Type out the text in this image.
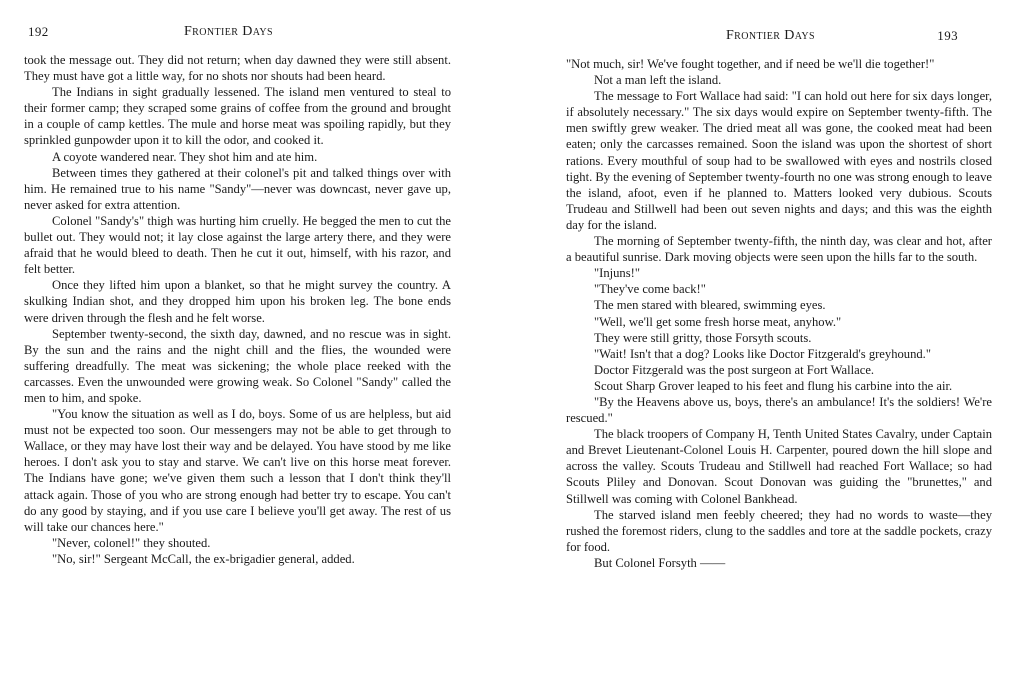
192	Frontier Days

took the message out. They did not return; when day dawned they were still absent. They must have got a little way, for no shots nor shouts had been heard.

The Indians in sight gradually lessened. The island men ventured to steal to their former camp; they scraped some grains of coffee from the ground and brought in a couple of camp kettles. The mule and horse meat was spoiling rapidly, but they sprinkled gunpowder upon it to kill the odor, and cooked it.

A coyote wandered near. They shot him and ate him.

Between times they gathered at their colonel's pit and talked things over with him. He remained true to his name "Sandy"—never was downcast, never gave up, never asked for extra attention.

Colonel "Sandy's" thigh was hurting him cruelly. He begged the men to cut the bullet out. They would not; it lay close against the large artery there, and they were afraid that he would bleed to death. Then he cut it out, himself, with his razor, and felt better.

Once they lifted him upon a blanket, so that he might survey the country. A skulking Indian shot, and they dropped him upon his broken leg. The bone ends were driven through the flesh and he felt worse.

September twenty-second, the sixth day, dawned, and no rescue was in sight. By the sun and the rains and the night chill and the flies, the wounded were suffering dreadfully. The meat was sickening; the whole place reeked with the carcasses. Even the unwounded were growing weak. So Colonel "Sandy" called the men to him, and spoke.

"You know the situation as well as I do, boys. Some of us are helpless, but aid must not be expected too soon. Our messengers may not be able to get through to Wallace, or they may have lost their way and be delayed. You have stood by me like heroes. I don't ask you to stay and starve. We can't live on this horse meat forever. The Indians have gone; we've given them such a lesson that I don't think they'll attack again. Those of you who are strong enough had better try to escape. You can't do any good by staying, and if you use care I believe you'll get away. The rest of us will take our chances here."

"Never, colonel!" they shouted.

"No, sir!" Sergeant McCall, the ex-brigadier general, added.

Frontier Days	193

"Not much, sir! We've fought together, and if need be we'll die together!"

Not a man left the island.

The message to Fort Wallace had said: "I can hold out here for six days longer, if absolutely necessary." The six days would expire on September twenty-fifth. The men swiftly grew weaker. The dried meat all was gone, the cooked meat had been eaten; only the carcasses remained. Soon the island was upon the shortest of short rations. Every mouthful of soup had to be swallowed with eyes and nostrils closed tight. By the evening of September twenty-fourth no one was strong enough to leave the island, afoot, even if he planned to. Matters looked very dubious. Scouts Trudeau and Stillwell had been out seven nights and days; and this was the eighth day for the island.

The morning of September twenty-fifth, the ninth day, was clear and hot, after a beautiful sunrise. Dark moving objects were seen upon the hills far to the south.

"Injuns!"

"They've come back!"

The men stared with bleared, swimming eyes.

"Well, we'll get some fresh horse meat, anyhow."

They were still gritty, those Forsyth scouts.

"Wait! Isn't that a dog? Looks like Doctor Fitzgerald's greyhound."

Doctor Fitzgerald was the post surgeon at Fort Wallace.

Scout Sharp Grover leaped to his feet and flung his carbine into the air.

"By the Heavens above us, boys, there's an ambulance! It's the soldiers! We're rescued."

The black troopers of Company H, Tenth United States Cavalry, under Captain and Brevet Lieutenant-Colonel Louis H. Carpenter, poured down the hill slope and across the valley. Scouts Trudeau and Stillwell had reached Fort Wallace; so had Scouts Pliley and Donovan. Scout Donovan was guiding the "brunettes," and Stillwell was coming with Colonel Bankhead.

The starved island men feebly cheered; they had no words to waste—they rushed the foremost riders, clung to the saddles and tore at the saddle pockets, crazy for food.

But Colonel Forsyth ——
